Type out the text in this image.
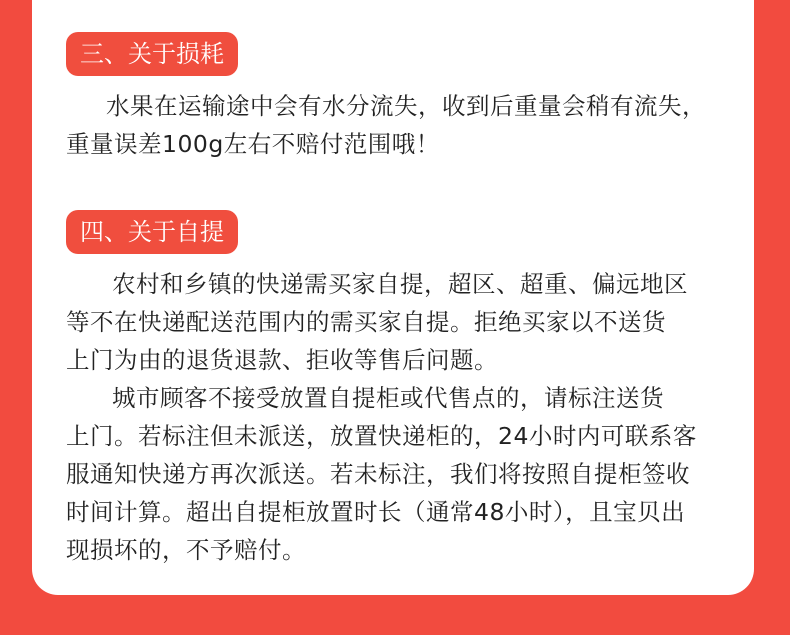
三、关于损耗

水果在运输途中会有水分流失，收到后重量会稍有流失，

重量误差100g左右不赔付范围哦！

四、关于自提

农村和乡镇的快递需买家自提，超区、超重、偏远地区

等不在快递配送范围内的需买家自提。拒绝买家以不送货

上门为由的退货退款、拒收等售后问题。

城市顾客不接受放置自提柜或代售点的，请标注送货

上门。若标注但未派送，放置快递柜的，24小时内可联系客

服通知快递方再次派送。若未标注，我们将按照自提柜签收

时间计算。超出自提柜放置时长（通常48小时），且宝贝出

现损坏的，不予赔付。
